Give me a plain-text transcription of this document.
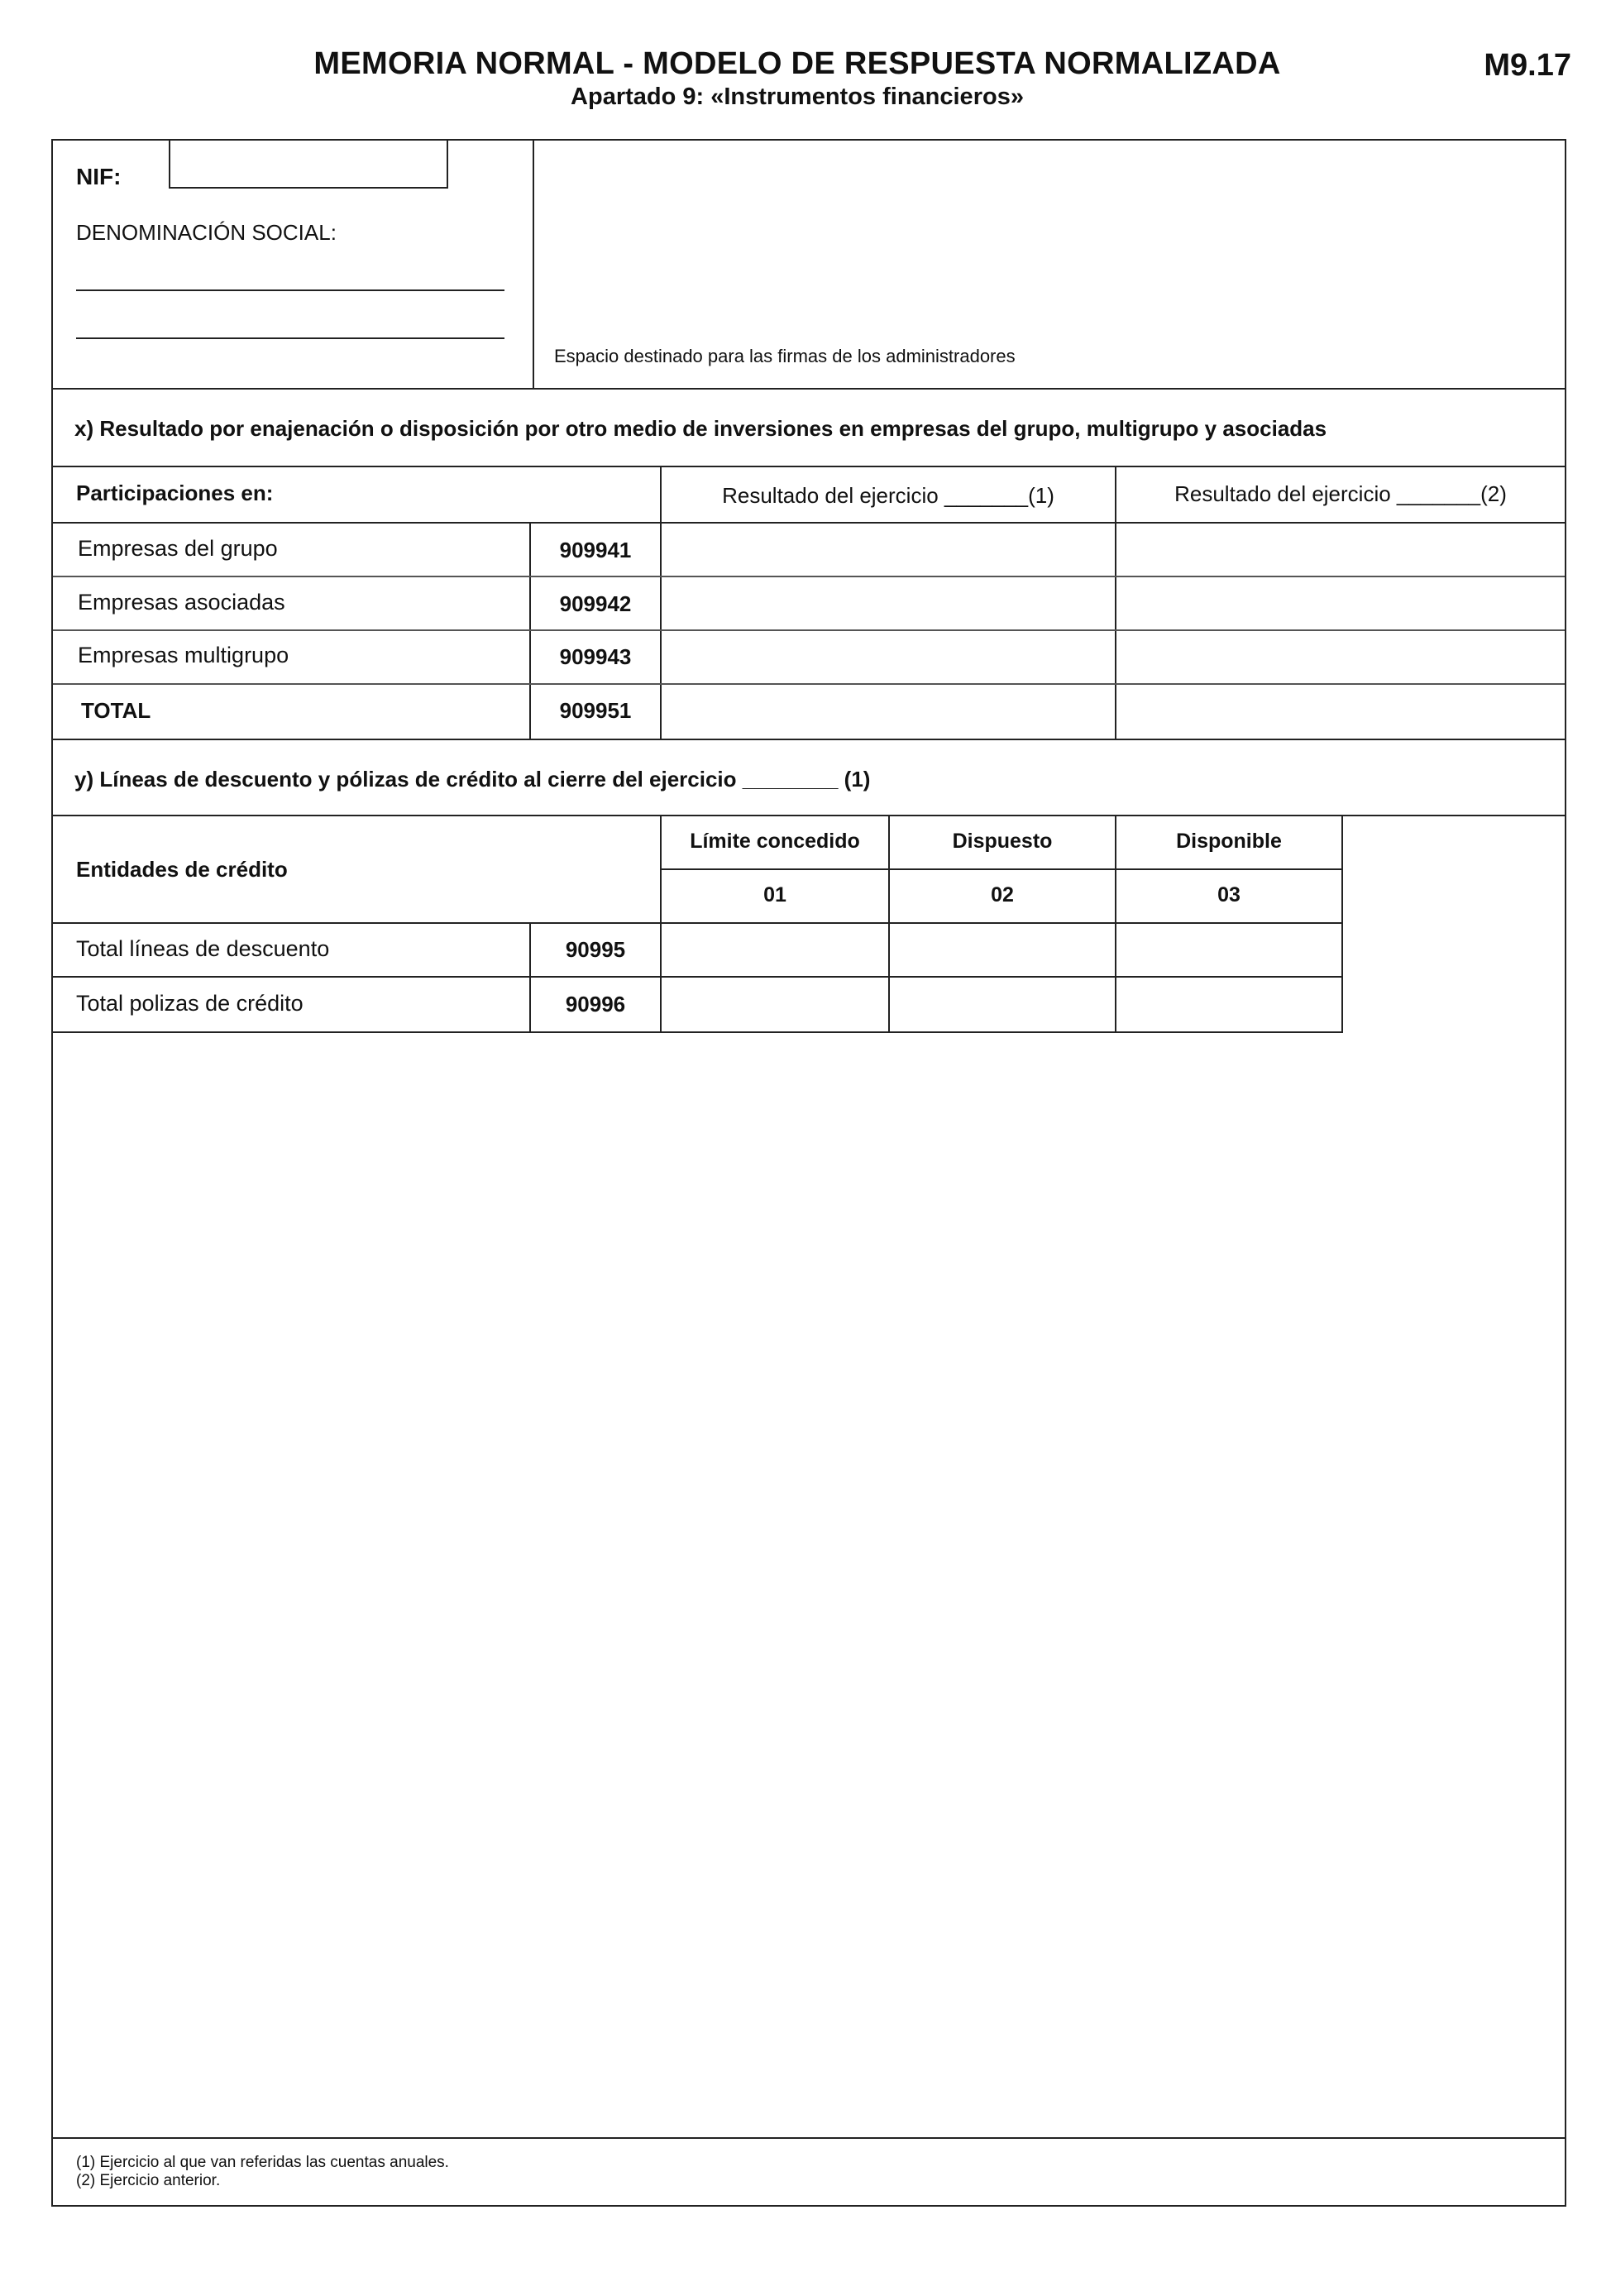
MEMORIA NORMAL - MODELO DE RESPUESTA NORMALIZADA
Apartado 9: «Instrumentos financieros»
M9.17
NIF:
DENOMINACIÓN SOCIAL:
Espacio destinado para las firmas de los administradores
x) Resultado por enajenación o disposición por otro medio de inversiones en empresas del grupo, multigrupo y asociadas
Participaciones en:	Resultado del ejercicio _______(1)	Resultado del ejercicio _______(2)
Empresas del grupo	909941
Empresas asociadas	909942
Empresas multigrupo	909943
TOTAL	909951
y) Líneas de descuento y pólizas de crédito al cierre del ejercicio ________ (1)
Entidades de crédito
Límite concedido	Dispuesto	Disponible
01	02	03
Total líneas de descuento	90995
Total polizas de crédito	90996
(1) Ejercicio al que van referidas las cuentas anuales.
(2) Ejercicio anterior.
